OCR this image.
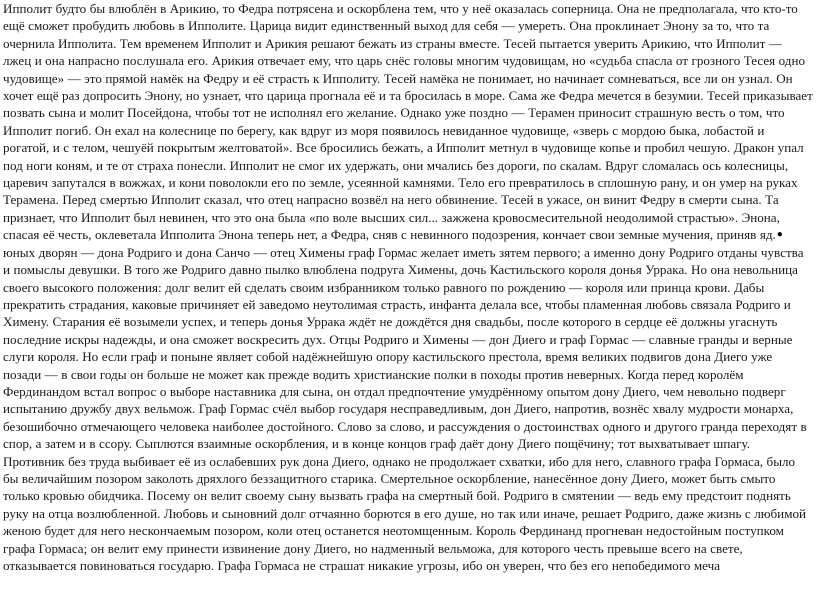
Ипполит будто бы влюблён в Арикию, то Федра потрясена и оскорблена тем, что у неё оказалась соперница. Она не предполагала, что кто-то ещё сможет пробудить любовь в Ипполите. Царица видит единственный выход для себя — умереть. Она проклинает Энону за то, что та очернила Ипполита. Тем временем Ипполит и Арикия решают бежать из страны вместе. Тесей пытается уверить Арикию, что Ипполит — лжец и она напрасно послушала его. Арикия отвечает ему, что царь снёс головы многим чудовищам, но «судьба спасла от грозного Тесея одно чудовище» — это прямой намёк на Федру и её страсть к Ипполиту. Тесей намёка не понимает, но начинает сомневаться, все ли он узнал. Он хочет ещё раз допросить Энону, но узнает, что царица прогнала её и та бросилась в море. Сама же Федра мечется в безумии. Тесей приказывает позвать сына и молит Посейдона, чтобы тот не исполнял его желание. Однако уже поздно — Терамен приносит страшную весть о том, что Ипполит погиб. Он ехал на колеснице по берегу, как вдруг из моря появилось невиданное чудовище, «зверь с мордою быка, лобастой и рогатой, и с телом, чешуёй покрытым желтоватой». Все бросились бежать, а Ипполит метнул в чудовище копье и пробил чешую. Дракон упал под ноги коням, и те от страха понесли. Ипполит не смог их удержать, они мчались без дороги, по скалам. Вдруг сломалась ось колесницы, царевич запутался в вожжах, и кони поволокли его по земле, усеянной камнями. Тело его превратилось в сплошную рану, и он умер на руках Терамена. Перед смертью Ипполит сказал, что отец напрасно возвёл на него обвинение. Тесей в ужасе, он винит Федру в смерти сына. Та признает, что Ипполит был невинен, что это она была «по воле высших сил... зажжена кровосмесительной неодолимой страстью». Энона, спасая её честь, оклеветала Ипполита Энона теперь нет, а Федра, сняв с невинного подозрения, кончает свои земные мучения, приняв яд.●

юных дворян — дона Родриго и дона Санчо — отец Химены граф Гормас желает иметь зятем первого; а именно дону Родриго отданы чувства и помыслы девушки. В того же Родриго давно пылко влюблена подруга Химены, дочь Кастильского короля донья Уррака. Но она невольница своего высокого положения: долг велит ей сделать своим избранником только равного по рождению — короля или принца крови. Дабы прекратить страдания, каковые причиняет ей заведомо неутолимая страсть, инфанта делала все, чтобы пламенная любовь связала Родриго и Химену. Старания её возымели успех, и теперь донья Уррака ждёт не дождётся дня свадьбы, после которого в сердце её должны угаснуть последние искры надежды, и она сможет воскресить дух. Отцы Родриго и Химены — дон Диего и граф Гормас — славные гранды и верные слуги короля. Но если граф и поныне являет собой надёжнейшую опору кастильского престола, время великих подвигов дона Диего уже позади — в свои годы он больше не может как прежде водить христианские полки в походы против неверных. Когда перед королём Фердинандом встал вопрос о выборе наставника для сына, он отдал предпочтение умудрённому опытом дону Диего, чем невольно подверг испытанию дружбу двух вельмож. Граф Гормас счёл выбор государя несправедливым, дон Диего, напротив, вознёс хвалу мудрости монарха, безошибочно отмечающего человека наиболее достойного. Слово за слово, и рассуждения о достоинствах одного и другого гранда переходят в спор, а затем и в ссору. Сыплются взаимные оскорбления, и в конце концов граф даёт дону Диего пощёчину; тот выхватывает шпагу. Противник без труда выбивает её из ослабевших рук дона Диего, однако не продолжает схватки, ибо для него, славного графа Гормаса, было бы величайшим позором заколоть дряхлого беззащитного старика. Смертельное оскорбление, нанесённое дону Диего, может быть смыто только кровью обидчика. Посему он велит своему сыну вызвать графа на смертный бой. Родриго в смятении — ведь ему предстоит поднять руку на отца возлюбленной. Любовь и сыновний долг отчаянно борются в его душе, но так или иначе, решает Родриго, даже жизнь с любимой женою будет для него нескончаемым позором, коли отец останется неотомщенным. Король Фердинанд прогневан недостойным поступком графа Гормаса; он велит ему принести извинение дону Диего, но надменный вельможа, для которого честь превыше всего на свете, отказывается повиноваться государю. Графа Гормаса не страшат никакие угрозы, ибо он уверен, что без его непобедимого меча
